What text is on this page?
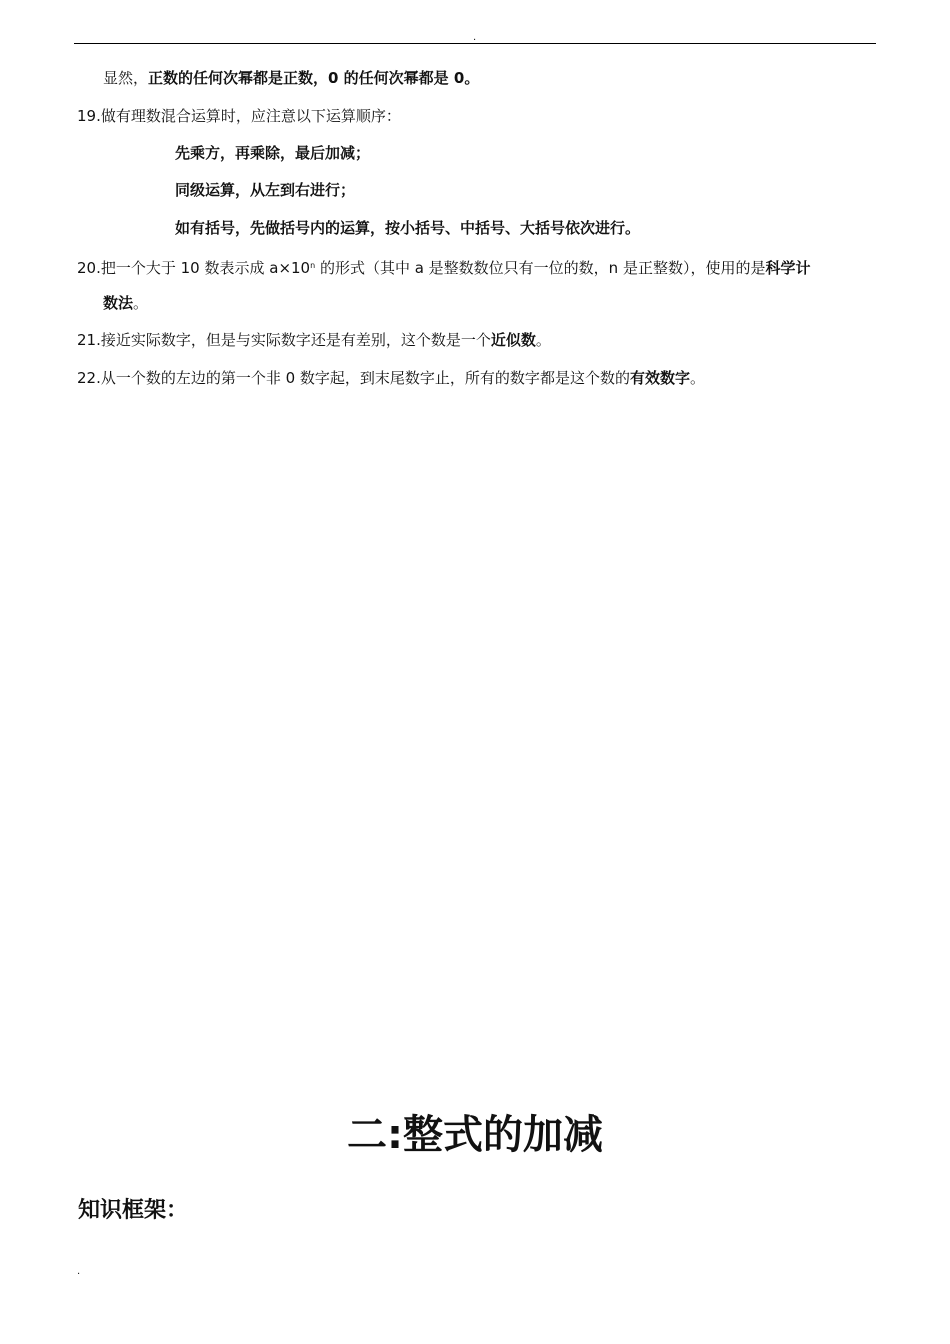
.
显然，正数的任何次幂都是正数，0 的任何次幂都是 0。
19.做有理数混合运算时，应注意以下运算顺序：
先乘方，再乘除，最后加减；
同级运算，从左到右进行；
如有括号，先做括号内的运算，按小括号、中括号、大括号依次进行。
20.把一个大于 10 数表示成 $a\times 10^n$ 的形式（其中 a 是整数数位只有一位的数，n 是正整数），使用的是科学计
数法。
21.接近实际数字，但是与实际数字还是有差别，这个数是一个近似数。
22.从一个数的左边的第一个非 0 数字起，到末尾数字止，所有的数字都是这个数的有效数字。
二:整式的加减
知识框架：
.
